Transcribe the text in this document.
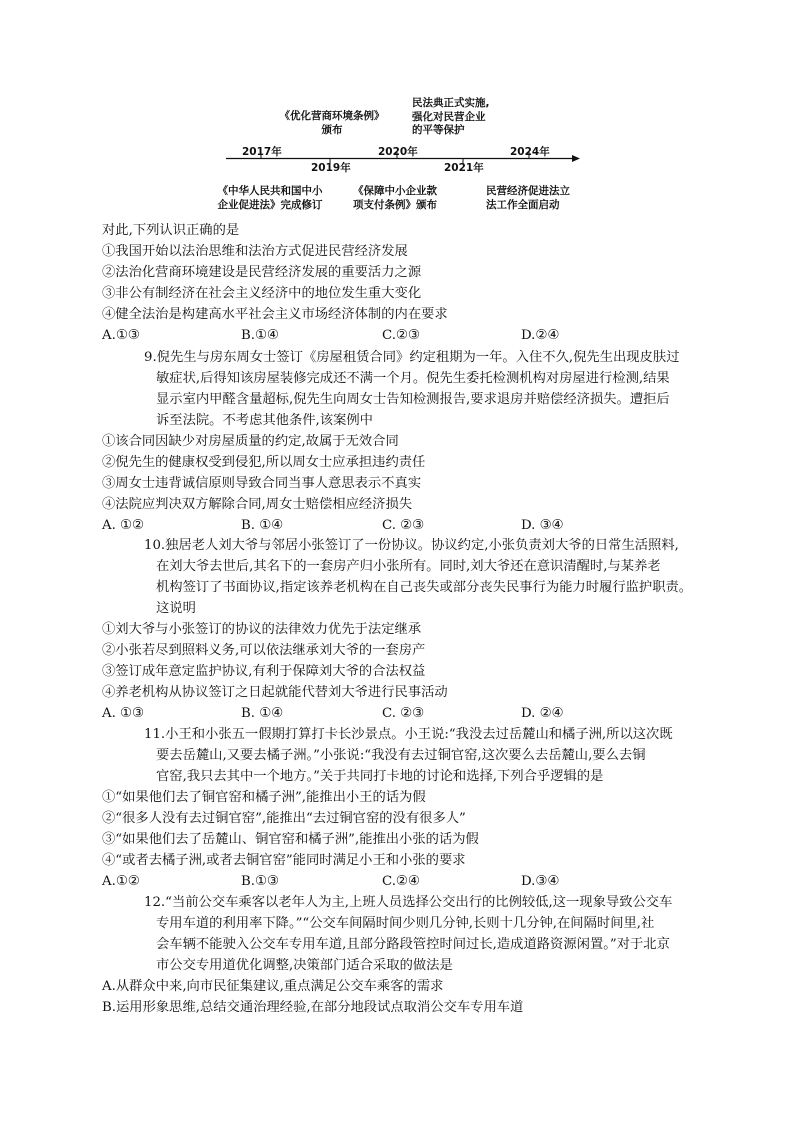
2017年
2019年
2020年
2021年
2024年
《优化营商环境条例》
颁布
民法典正式实施,
强化对民营企业
的平等保护
《中华人民共和国中小
企业促进法》完成修订
《保障中小企业款
项支付条例》颁布
民营经济促进法立
法工作全面启动
对此,下列认识正确的是
①我国开始以法治思维和法治方式促进民营经济发展
②法治化营商环境建设是民营经济发展的重要活力之源
③非公有制经济在社会主义经济中的地位发生重大变化
④健全法治是构建高水平社会主义市场经济体制的内在要求
A.①③	B.①④	C.②③	D.②④
9.倪先生与房东周女士签订《房屋租赁合同》约定租期为一年。入住不久,倪先生出现皮肤过
敏症状,后得知该房屋装修完成还不满一个月。倪先生委托检测机构对房屋进行检测,结果
显示室内甲醛含量超标,倪先生向周女士告知检测报告,要求退房并赔偿经济损失。遭拒后
诉至法院。不考虑其他条件,该案例中
①该合同因缺少对房屋质量的约定,故属于无效合同
②倪先生的健康权受到侵犯,所以周女士应承担违约责任
③周女士违背诚信原则导致合同当事人意思表示不真实
④法院应判决双方解除合同,周女士赔偿相应经济损失
A. ①②	B. ①④	C. ②③	D. ③④
10.独居老人刘大爷与邻居小张签订了一份协议。协议约定,小张负责刘大爷的日常生活照料,
在刘大爷去世后,其名下的一套房产归小张所有。同时,刘大爷还在意识清醒时,与某养老
机构签订了书面协议,指定该养老机构在自己丧失或部分丧失民事行为能力时履行监护职责。
这说明
①刘大爷与小张签订的协议的法律效力优先于法定继承
②小张若尽到照料义务,可以依法继承刘大爷的一套房产
③签订成年意定监护协议,有利于保障刘大爷的合法权益
④养老机构从协议签订之日起就能代替刘大爷进行民事活动
A. ①③	B. ①④	C. ②③	D. ②④
11.小王和小张五一假期打算打卡长沙景点。小王说:“我没去过岳麓山和橘子洲,所以这次既
要去岳麓山,又要去橘子洲。”小张说:“我没有去过铜官窑,这次要么去岳麓山,要么去铜
官窑,我只去其中一个地方。”关于共同打卡地的讨论和选择,下列合乎逻辑的是
①“如果他们去了铜官窑和橘子洲”,能推出小王的话为假
②“很多人没有去过铜官窑”,能推出“去过铜官窑的没有很多人”
③“如果他们去了岳麓山、铜官窑和橘子洲”,能推出小张的话为假
④“或者去橘子洲,或者去铜官窑”能同时满足小王和小张的要求
A.①②	B.①③	C.②④	D.③④
12.“当前公交车乘客以老年人为主,上班人员选择公交出行的比例较低,这一现象导致公交车
专用车道的利用率下降。”“公交车间隔时间少则几分钟,长则十几分钟,在间隔时间里,社
会车辆不能驶入公交车专用车道,且部分路段管控时间过长,造成道路资源闲置。”对于北京
市公交专用道优化调整,决策部门适合采取的做法是
A.从群众中来,向市民征集建议,重点满足公交车乘客的需求
B.运用形象思维,总结交通治理经验,在部分地段试点取消公交车专用车道
